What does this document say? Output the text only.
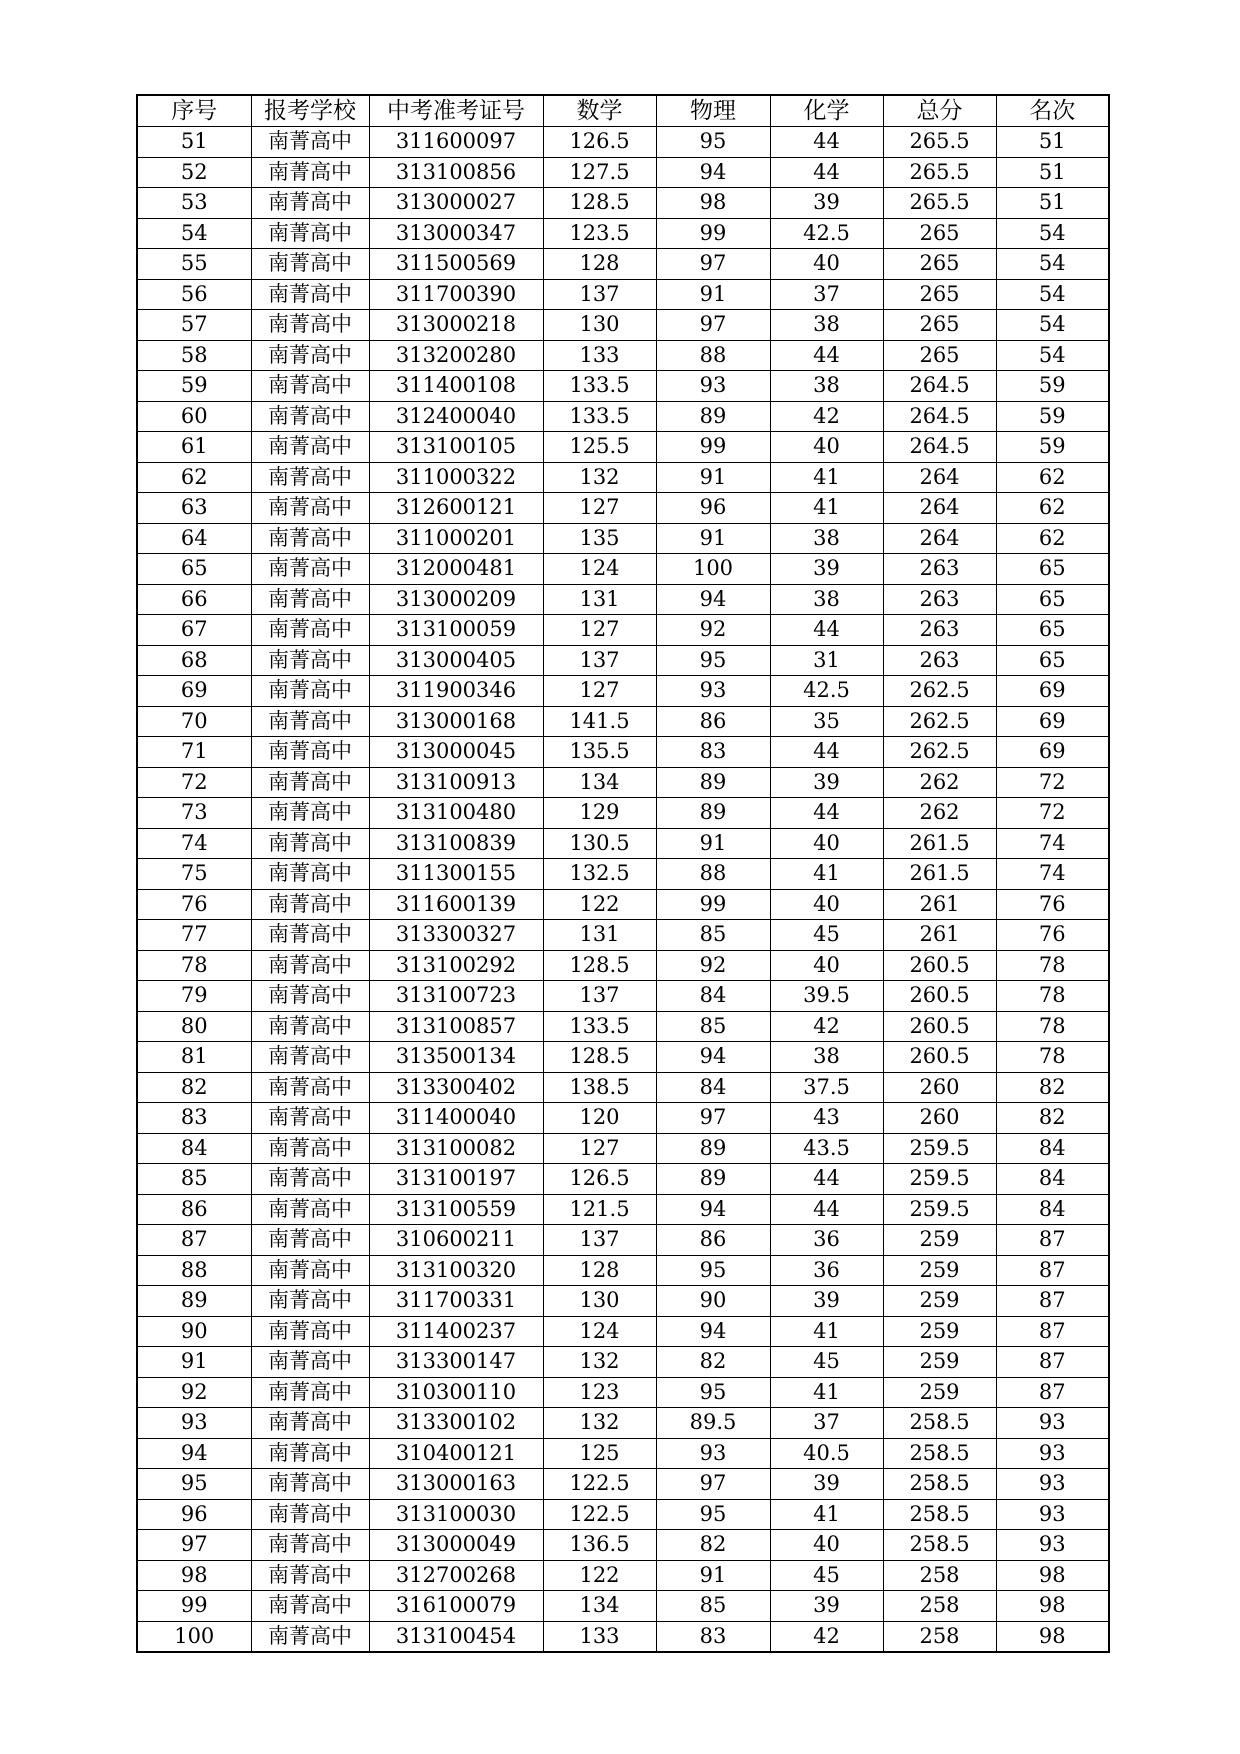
序号	报考学校	中考准考证号	数学	物理	化学	总分	名次
51	南菁高中	311600097	126.5	95	44	265.5	51
52	南菁高中	313100856	127.5	94	44	265.5	51
53	南菁高中	313000027	128.5	98	39	265.5	51
54	南菁高中	313000347	123.5	99	42.5	265	54
55	南菁高中	311500569	128	97	40	265	54
56	南菁高中	311700390	137	91	37	265	54
57	南菁高中	313000218	130	97	38	265	54
58	南菁高中	313200280	133	88	44	265	54
59	南菁高中	311400108	133.5	93	38	264.5	59
60	南菁高中	312400040	133.5	89	42	264.5	59
61	南菁高中	313100105	125.5	99	40	264.5	59
62	南菁高中	311000322	132	91	41	264	62
63	南菁高中	312600121	127	96	41	264	62
64	南菁高中	311000201	135	91	38	264	62
65	南菁高中	312000481	124	100	39	263	65
66	南菁高中	313000209	131	94	38	263	65
67	南菁高中	313100059	127	92	44	263	65
68	南菁高中	313000405	137	95	31	263	65
69	南菁高中	311900346	127	93	42.5	262.5	69
70	南菁高中	313000168	141.5	86	35	262.5	69
71	南菁高中	313000045	135.5	83	44	262.5	69
72	南菁高中	313100913	134	89	39	262	72
73	南菁高中	313100480	129	89	44	262	72
74	南菁高中	313100839	130.5	91	40	261.5	74
75	南菁高中	311300155	132.5	88	41	261.5	74
76	南菁高中	311600139	122	99	40	261	76
77	南菁高中	313300327	131	85	45	261	76
78	南菁高中	313100292	128.5	92	40	260.5	78
79	南菁高中	313100723	137	84	39.5	260.5	78
80	南菁高中	313100857	133.5	85	42	260.5	78
81	南菁高中	313500134	128.5	94	38	260.5	78
82	南菁高中	313300402	138.5	84	37.5	260	82
83	南菁高中	311400040	120	97	43	260	82
84	南菁高中	313100082	127	89	43.5	259.5	84
85	南菁高中	313100197	126.5	89	44	259.5	84
86	南菁高中	313100559	121.5	94	44	259.5	84
87	南菁高中	310600211	137	86	36	259	87
88	南菁高中	313100320	128	95	36	259	87
89	南菁高中	311700331	130	90	39	259	87
90	南菁高中	311400237	124	94	41	259	87
91	南菁高中	313300147	132	82	45	259	87
92	南菁高中	310300110	123	95	41	259	87
93	南菁高中	313300102	132	89.5	37	258.5	93
94	南菁高中	310400121	125	93	40.5	258.5	93
95	南菁高中	313000163	122.5	97	39	258.5	93
96	南菁高中	313100030	122.5	95	41	258.5	93
97	南菁高中	313000049	136.5	82	40	258.5	93
98	南菁高中	312700268	122	91	45	258	98
99	南菁高中	316100079	134	85	39	258	98
100	南菁高中	313100454	133	83	42	258	98
